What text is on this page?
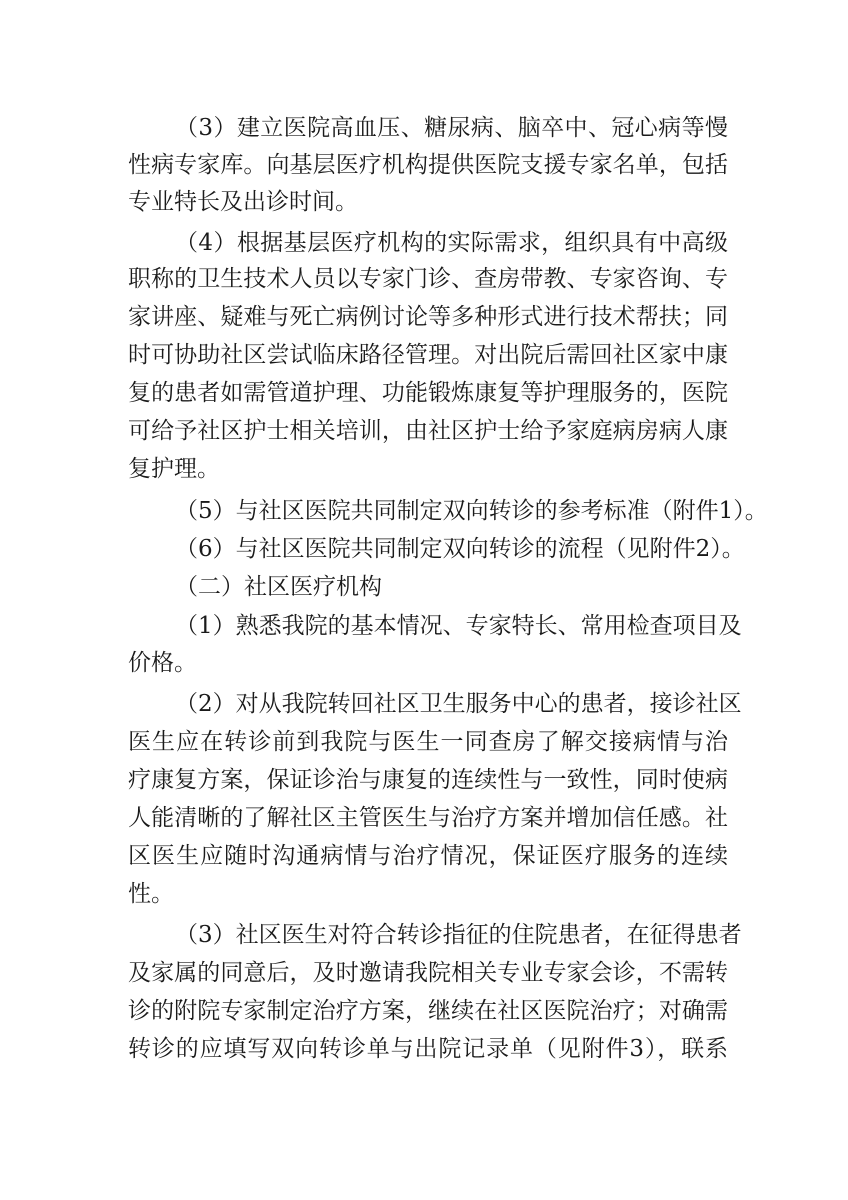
（3）建立医院高血压、糖尿病、脑卒中、冠心病等慢
性病专家库。向基层医疗机构提供医院支援专家名单，包括
专业特长及出诊时间。
（4）根据基层医疗机构的实际需求，组织具有中高级
职称的卫生技术人员以专家门诊、查房带教、专家咨询、专
家讲座、疑难与死亡病例讨论等多种形式进行技术帮扶；同
时可协助社区尝试临床路径管理。对出院后需回社区家中康
复的患者如需管道护理、功能锻炼康复等护理服务的，医院
可给予社区护士相关培训，由社区护士给予家庭病房病人康
复护理。
（5）与社区医院共同制定双向转诊的参考标准（附件1）。
（6）与社区医院共同制定双向转诊的流程（见附件2）。
（二）社区医疗机构
（1）熟悉我院的基本情况、专家特长、常用检查项目及
价格。
（2）对从我院转回社区卫生服务中心的患者，接诊社区
医生应在转诊前到我院与医生一同查房了解交接病情与治
疗康复方案，保证诊治与康复的连续性与一致性，同时使病
人能清晰的了解社区主管医生与治疗方案并增加信任感。社
区医生应随时沟通病情与治疗情况，保证医疗服务的连续
性。
（3）社区医生对符合转诊指征的住院患者，在征得患者
及家属的同意后，及时邀请我院相关专业专家会诊，不需转
诊的附院专家制定治疗方案，继续在社区医院治疗；对确需
转诊的应填写双向转诊单与出院记录单（见附件3），联系
